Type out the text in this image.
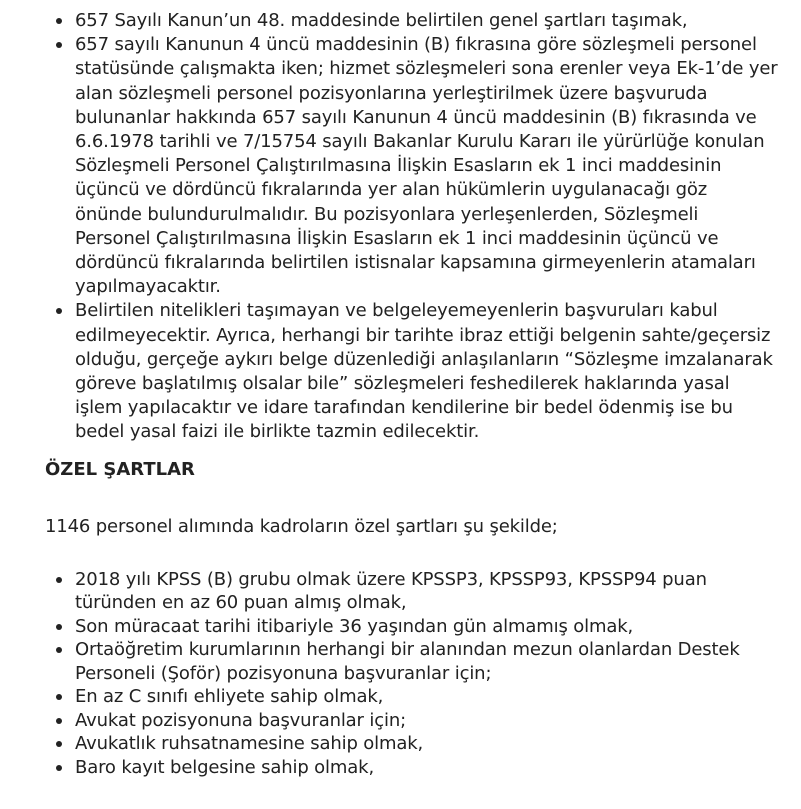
657 Sayılı Kanun’un 48. maddesinde belirtilen genel şartları taşımak,
657 sayılı Kanunun 4 üncü maddesinin (B) fıkrasına göre sözleşmeli personel statüsünde çalışmakta iken; hizmet sözleşmeleri sona erenler veya Ek-1’de yer alan sözleşmeli personel pozisyonlarına yerleştirilmek üzere başvuruda bulunanlar hakkında 657 sayılı Kanunun 4 üncü maddesinin (B) fıkrasında ve 6.6.1978 tarihli ve 7/15754 sayılı Bakanlar Kurulu Kararı ile yürürlüğe konulan Sözleşmeli Personel Çalıştırılmasına İlişkin Esasların ek 1 inci maddesinin üçüncü ve dördüncü fıkralarında yer alan hükümlerin uygulanacağı göz önünde bulundurulmalıdır. Bu pozisyonlara yerleşenlerden, Sözleşmeli Personel Çalıştırılmasına İlişkin Esasların ek 1 inci maddesinin üçüncü ve dördüncü fıkralarında belirtilen istisnalar kapsamına girmeyenlerin atamaları yapılmayacaktır.
Belirtilen nitelikleri taşımayan ve belgeleyemeyenlerin başvuruları kabul edilmeyecektir. Ayrıca, herhangi bir tarihte ibraz ettiği belgenin sahte/geçersiz olduğu, gerçeğe aykırı belge düzenlediği anlaşılanların “Sözleşme imzalanarak göreve başlatılmış olsalar bile” sözleşmeleri feshedilerek haklarında yasal işlem yapılacaktır ve idare tarafından kendilerine bir bedel ödenmiş ise bu bedel yasal faizi ile birlikte tazmin edilecektir.
ÖZEL ŞARTLAR
1146 personel alımında kadroların özel şartları şu şekilde;
2018 yılı KPSS (B) grubu olmak üzere KPSSP3, KPSSP93, KPSSP94 puan türünden en az 60 puan almış olmak,
Son müracaat tarihi itibariyle 36 yaşından gün almamış olmak,
Ortaöğretim kurumlarının herhangi bir alanından mezun olanlardan Destek Personeli (Şoför) pozisyonuna başvuranlar için;
En az C sınıfı ehliyete sahip olmak,
Avukat pozisyonuna başvuranlar için;
Avukatlık ruhsatnamesine sahip olmak,
Baro kayıt belgesine sahip olmak,
